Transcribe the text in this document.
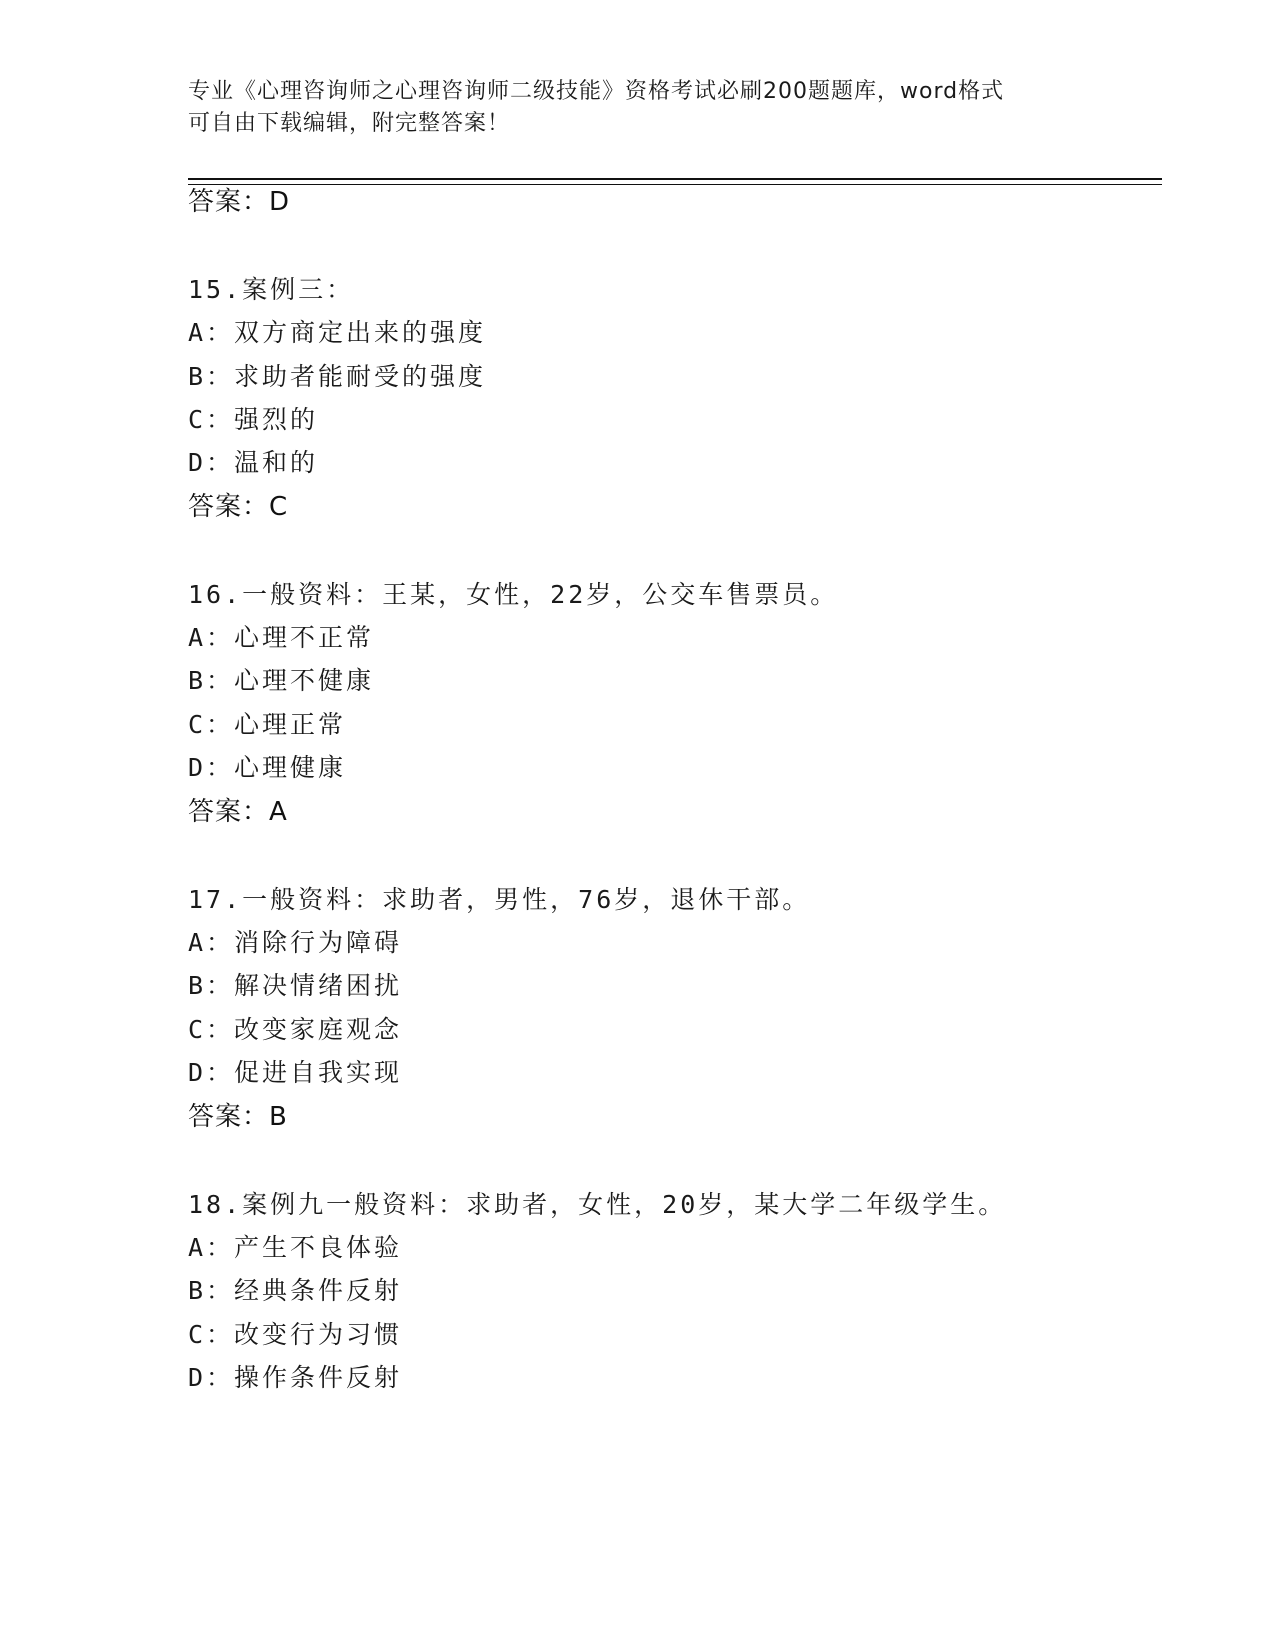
专业《心理咨询师之心理咨询师二级技能》资格考试必刷200题题库，word格式
可自由下载编辑，附完整答案！
答案：D
15.案例三：
A：双方商定出来的强度
B：求助者能耐受的强度
C：强烈的
D：温和的
答案：C
16.一般资料：王某，女性，22岁，公交车售票员。
A：心理不正常
B：心理不健康
C：心理正常
D：心理健康
答案：A
17.一般资料：求助者，男性，76岁，退休干部。
A：消除行为障碍
B：解决情绪困扰
C：改变家庭观念
D：促进自我实现
答案：B
18.案例九一般资料：求助者，女性，20岁，某大学二年级学生。
A：产生不良体验
B：经典条件反射
C：改变行为习惯
D：操作条件反射
